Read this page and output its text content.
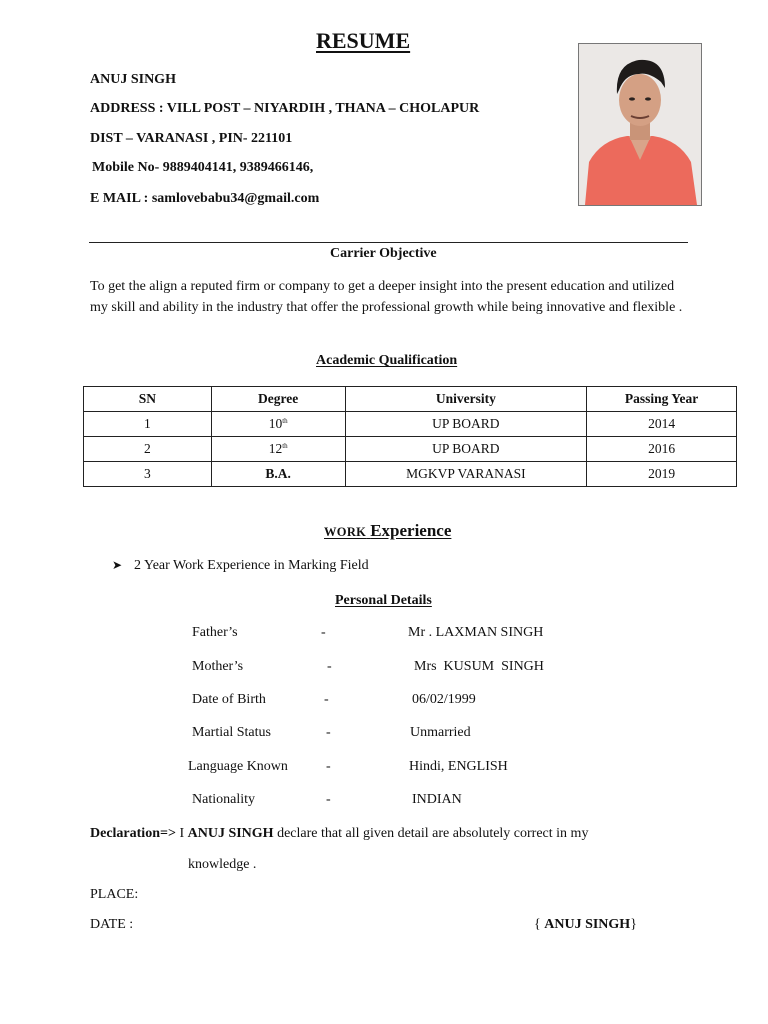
RESUME
ANUJ SINGH
ADDRESS : VILL POST – NIYARDIH , THANA – CHOLAPUR
DIST – VARANASI , PIN- 221101
Mobile No- 9889404141, 9389466146,
E MAIL : samlovebabu34@gmail.com
Carrier Objective
To get the align a reputed firm or company to get a deeper insight into the present education and utilized my skill and ability in the industry that offer the professional growth while being innovative and flexible .
Academic Qualification
SN	Degree	University	Passing Year
1	10th	UP BOARD	2014
2	12th	UP BOARD	2016
3	B.A.	MGKVP VARANASI	2019
WORK Experience
➤ 2 Year Work Experience in Marking Field
Personal Details
Father’s	-	Mr . LAXMAN SINGH
Mother’s	-	Mrs  KUSUM  SINGH
Date of Birth	-	06/02/1999
Martial Status	-	Unmarried
Language Known	-	Hindi, ENGLISH
Nationality	-	INDIAN
Declaration=> I ANUJ SINGH declare that all given detail are absolutely correct in my
knowledge .
PLACE:
DATE :	{ ANUJ SINGH}
